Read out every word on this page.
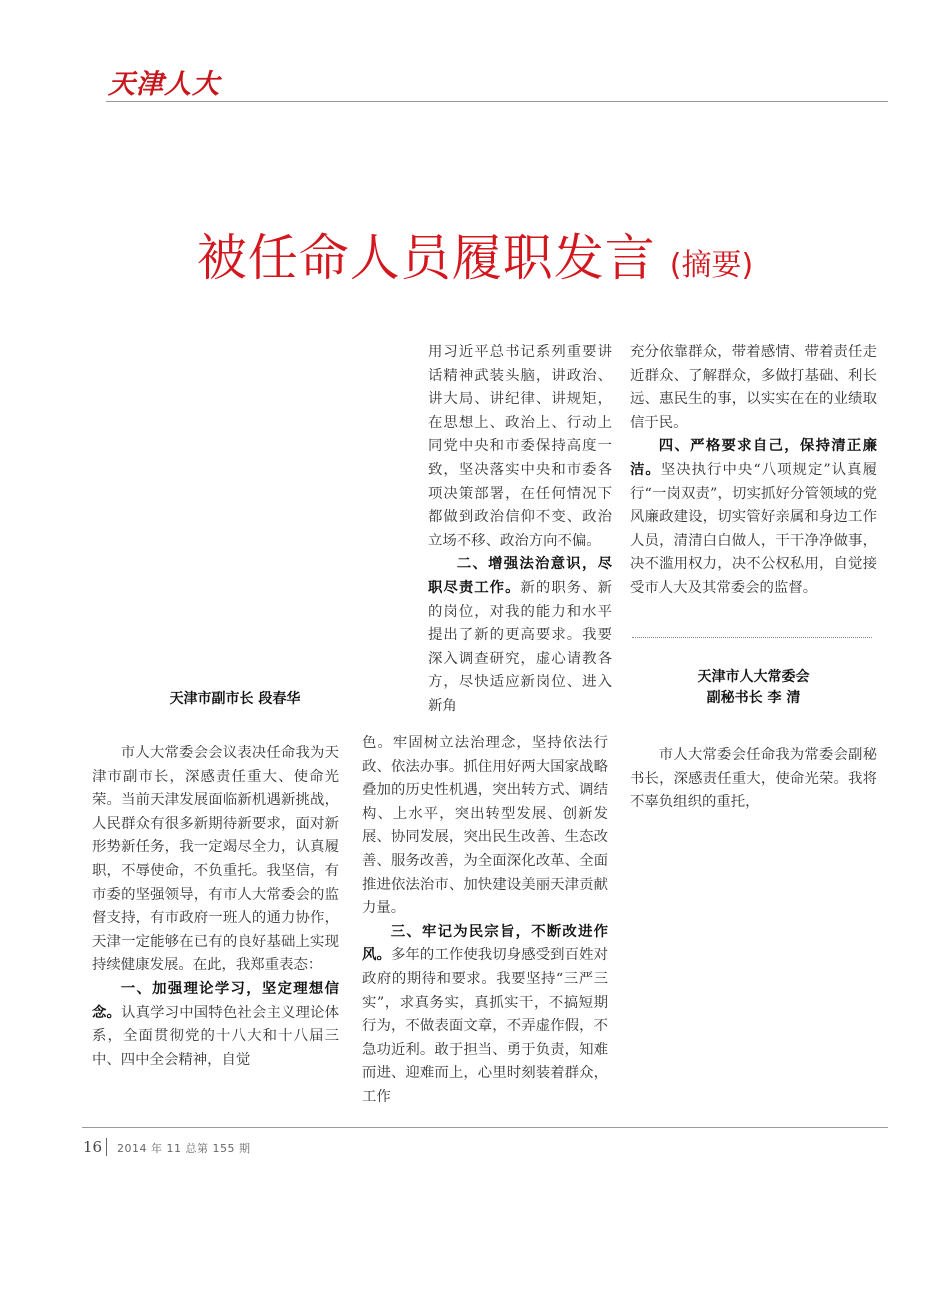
天津人大
被任命人员履职发言 (摘要)
天津市副市长 段春华

市人大常委会会议表决任命我为天津市副市长，深感责任重大、使命光荣。当前天津发展面临新机遇新挑战，人民群众有很多新期待新要求，面对新形势新任务，我一定竭尽全力，认真履职，不辱使命，不负重托。我坚信，有市委的坚强领导，有市人大常委会的监督支持，有市政府一班人的通力协作，天津一定能够在已有的良好基础上实现持续健康发展。在此，我郑重表态：

一、加强理论学习，坚定理想信念。认真学习中国特色社会主义理论体系，全面贯彻党的十八大和十八届三中、四中全会精神，自觉

用习近平总书记系列重要讲话精神武装头脑，讲政治、讲大局、讲纪律、讲规矩，在思想上、政治上、行动上同党中央和市委保持高度一致，坚决落实中央和市委各项决策部署，在任何情况下都做到政治信仰不变、政治立场不移、政治方向不偏。

二、增强法治意识，尽职尽责工作。新的职务、新的岗位，对我的能力和水平提出了新的更高要求。我要深入调查研究，虚心请教各方，尽快适应新岗位、进入新角

色。牢固树立法治理念，坚持依法行政、依法办事。抓住用好两大国家战略叠加的历史性机遇，突出转方式、调结构、上水平，突出转型发展、创新发展、协同发展，突出民生改善、生态改善、服务改善，为全面深化改革、全面推进依法治市、加快建设美丽天津贡献力量。

三、牢记为民宗旨，不断改进作风。多年的工作使我切身感受到百姓对政府的期待和要求。我要坚持“三严三实”，求真务实，真抓实干，不搞短期行为，不做表面文章，不弄虚作假，不急功近利。敢于担当、勇于负责，知难而进、迎难而上，心里时刻装着群众，工作

充分依靠群众，带着感情、带着责任走近群众、了解群众，多做打基础、利长远、惠民生的事，以实实在在的业绩取信于民。

四、严格要求自己，保持清正廉洁。坚决执行中央“八项规定”认真履行“一岗双责”，切实抓好分管领域的党风廉政建设，切实管好亲属和身边工作人员，清清白白做人，干干净净做事，决不滥用权力，决不公权私用，自觉接受市人大及其常委会的监督。

天津市人大常委会
副秘书长 李 清

市人大常委会任命我为常委会副秘书长，深感责任重大，使命光荣。我将不辜负组织的重托，

16 2014 年 11 总第 155 期
